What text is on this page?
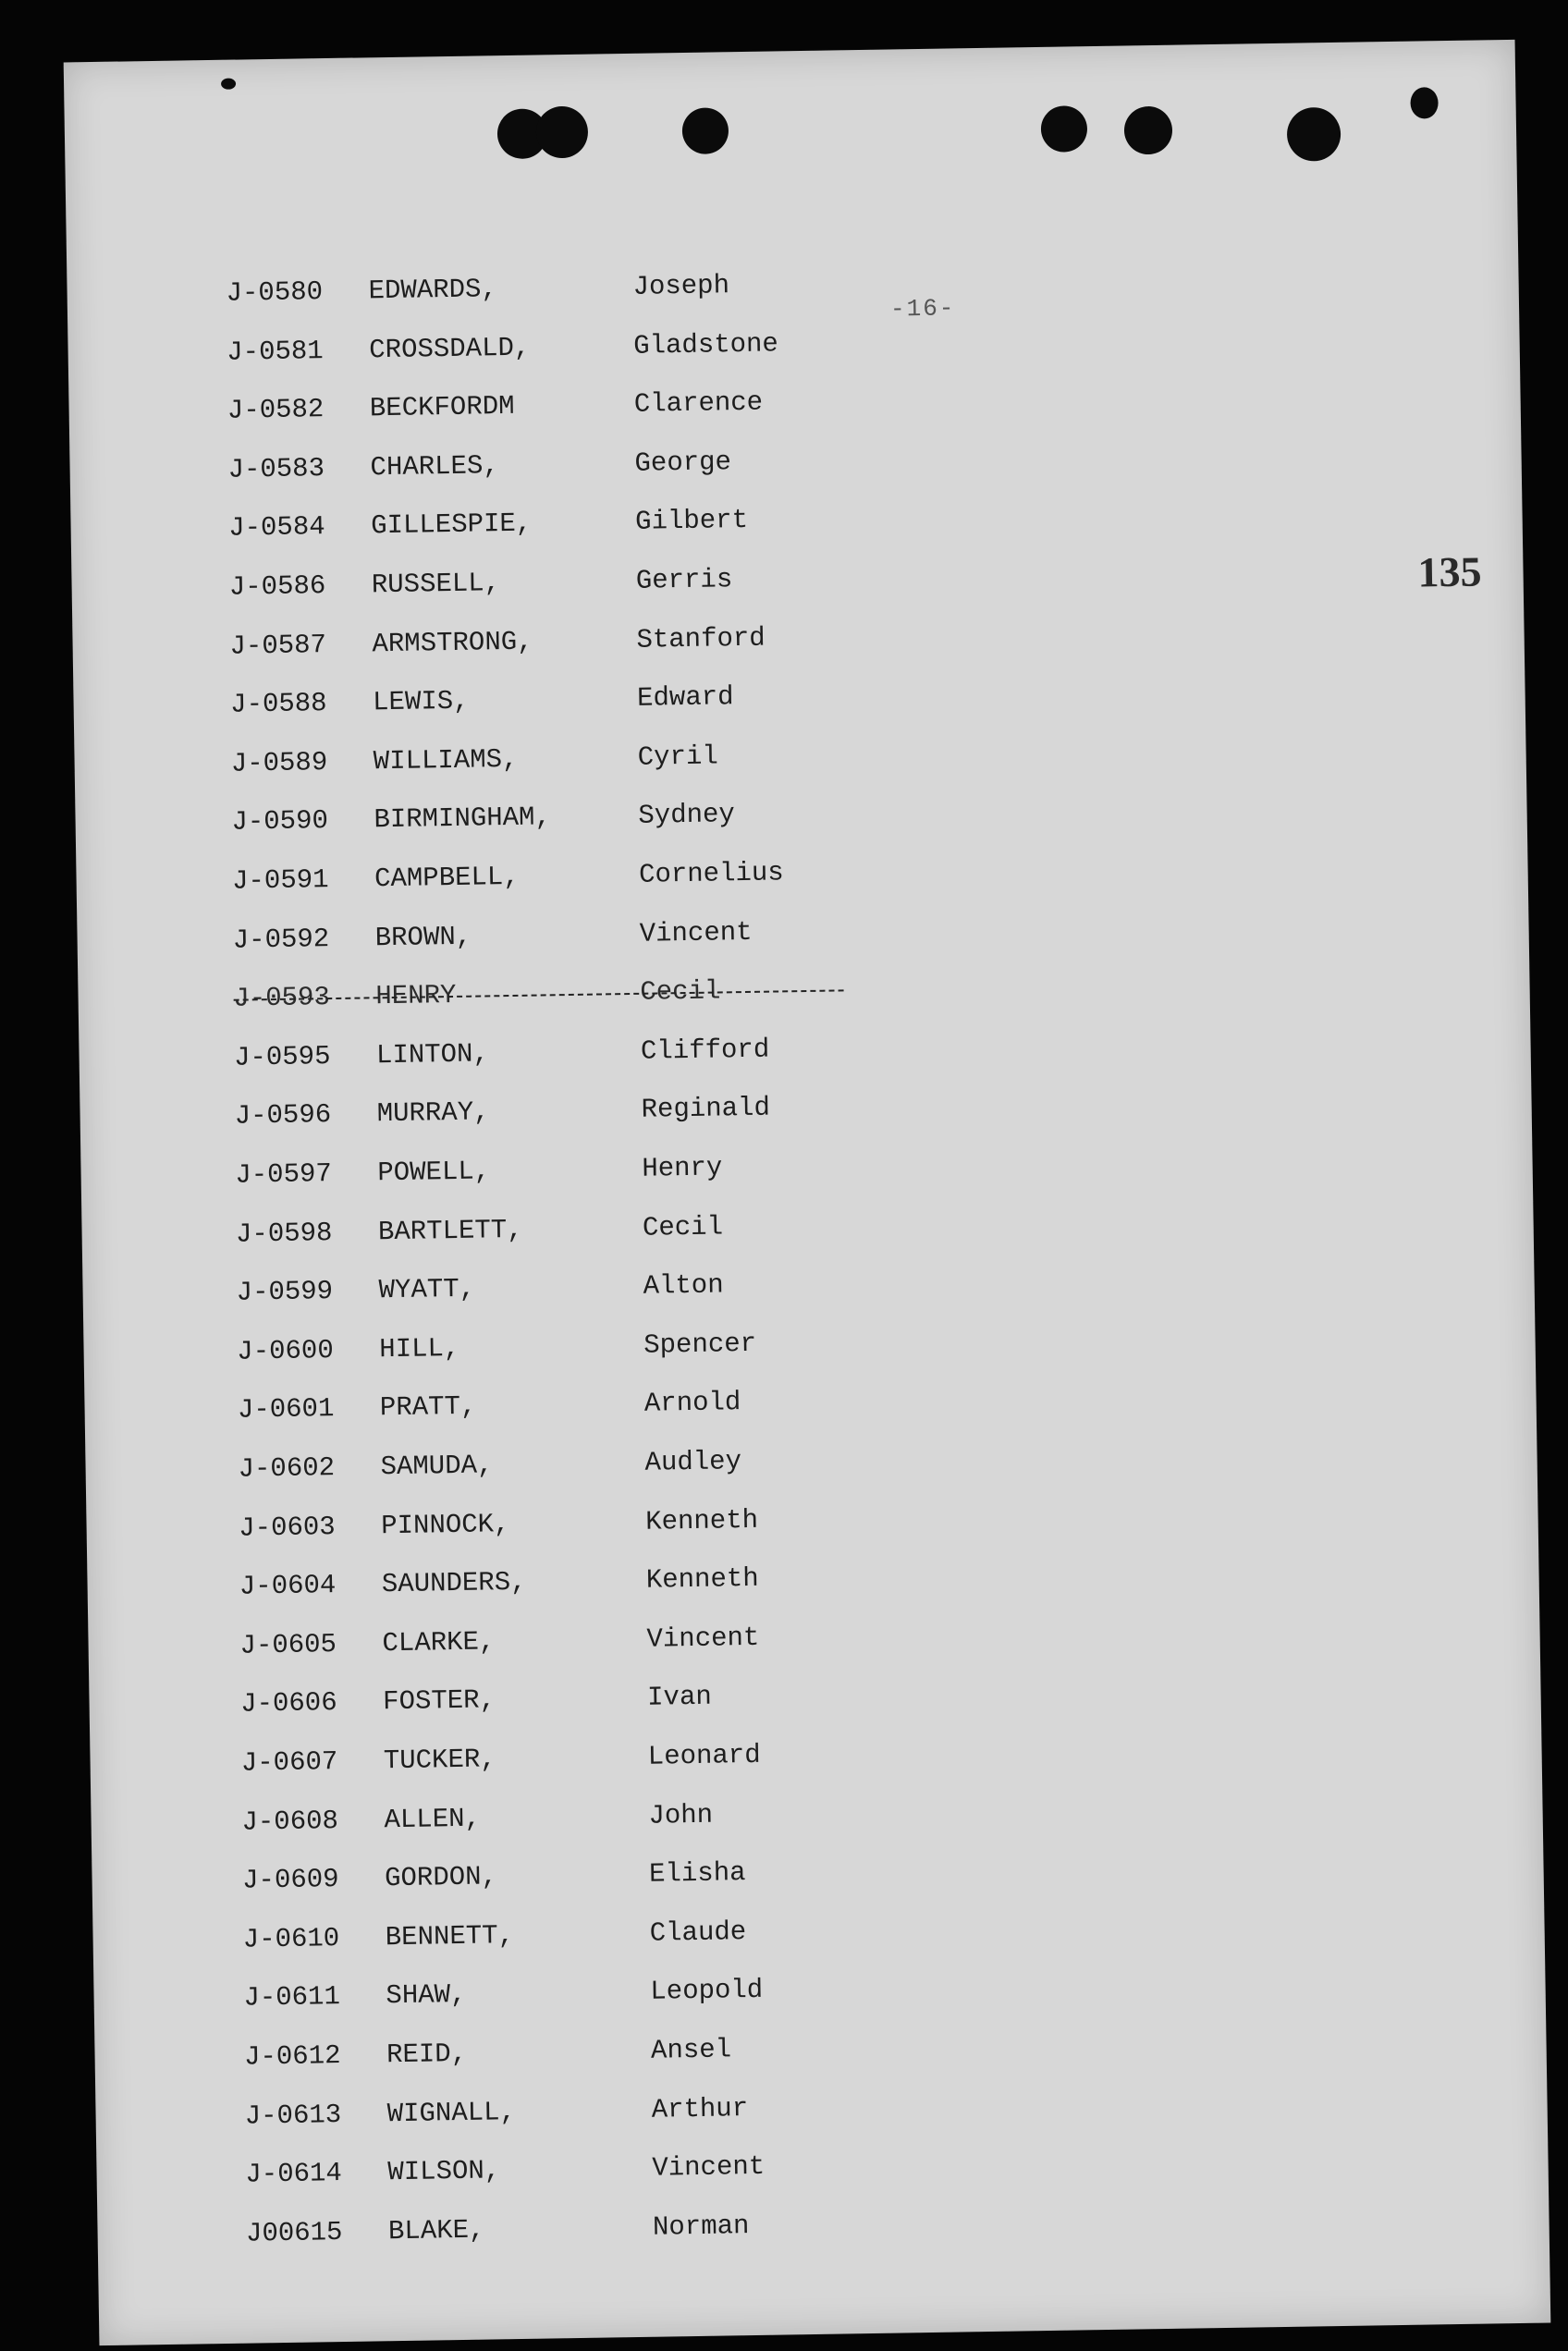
-16-
135
J-0580 EDWARDS,	Joseph
J-0581 CROSSDALD,	Gladstone
J-0582 BECKFORDM	Clarence
J-0583 CHARLES,	George
J-0584 GILLESPIE,	Gilbert
J-0586 RUSSELL,	Gerris
J-0587 ARMSTRONG,	Stanford
J-0588 LEWIS,	Edward
J-0589 WILLIAMS,	Cyril
J-0590 BIRMINGHAM,	Sydney
J-0591 CAMPBELL,	Cornelius
J-0592 BROWN,	Vincent
J-0593 HENRY	Cecil
J-0595 LINTON,	Clifford
J-0596 MURRAY,	Reginald
J-0597 POWELL,	Henry
J-0598 BARTLETT,	Cecil
J-0599 WYATT,	Alton
J-0600 HILL,	Spencer
J-0601 PRATT,	Arnold
J-0602 SAMUDA,	Audley
J-0603 PINNOCK,	Kenneth
J-0604 SAUNDERS,	Kenneth
J-0605 CLARKE,	Vincent
J-0606 FOSTER,	Ivan
J-0607 TUCKER,	Leonard
J-0608 ALLEN,	John
J-0609 GORDON,	Elisha
J-0610 BENNETT,	Claude
J-0611 SHAW,	Leopold
J-0612 REID,	Ansel
J-0613 WIGNALL,	Arthur
J-0614 WILSON,	Vincent
J00615 BLAKE,	Norman
